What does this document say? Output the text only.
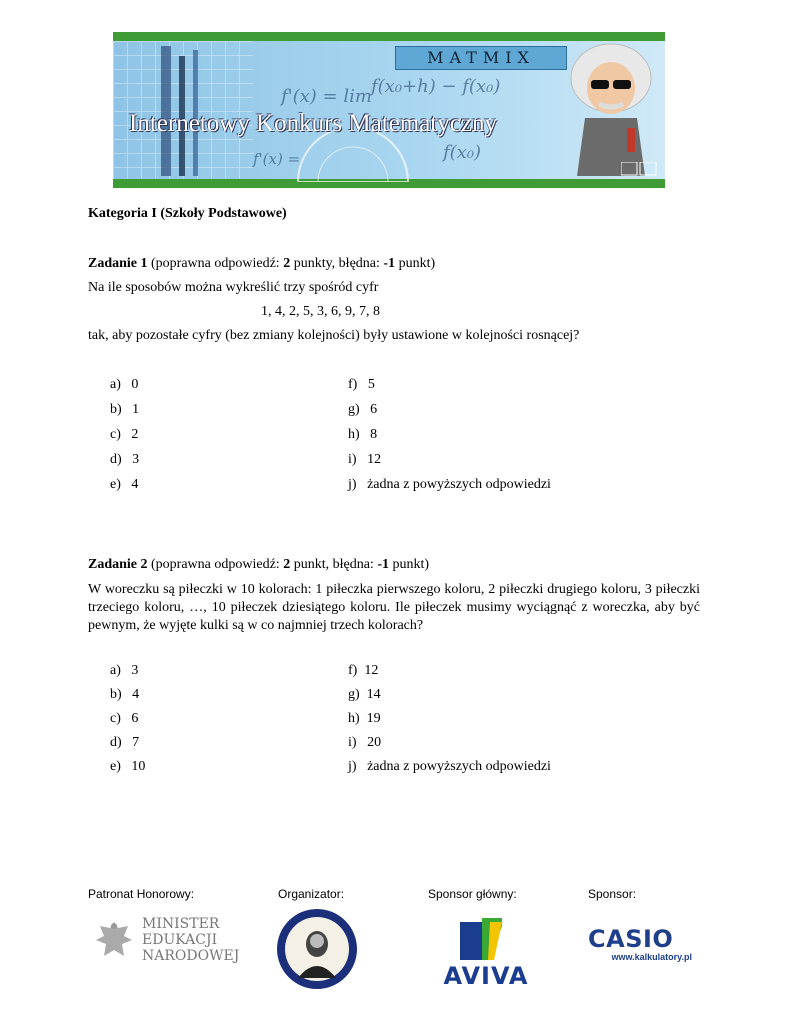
f'(x) = lim f(x₀+h) − f(x₀)
f'(x) =	f(x₀)
MATMIX
Internetowy Konkurs Matematyczny
Kategoria I (Szkoły Podstawowe)
Zadanie 1 (poprawna odpowiedź: 2 punkty, błędna: -1 punkt)
Na ile sposobów można wykreślić trzy spośród cyfr
1, 4, 2, 5, 3, 6, 9, 7, 8
tak, aby pozostałe cyfry (bez zmiany kolejności) były ustawione w kolejności rosnącej?
a) 0
b) 1
c) 2
d) 3
e) 4
f) 5
g) 6
h) 8
i) 12
j) żadna z powyższych odpowiedzi
Zadanie 2 (poprawna odpowiedź: 2 punkt, błędna: -1 punkt)
W woreczku są piłeczki w 10 kolorach: 1 piłeczka pierwszego koloru, 2 piłeczki drugiego koloru, 3 piłeczki trzeciego koloru, …, 10 piłeczek dziesiątego koloru. Ile piłeczek musimy wyciągnąć z woreczka, aby być pewnym, że wyjęte kulki są w co najmniej trzech kolorach?
a) 3
b) 4
c) 6
d) 7
e) 10
f) 12
g) 14
h) 19
i) 20
j) żadna z powyższych odpowiedzi
Patronat Honorowy:	Organizator:	Sponsor główny:	Sponsor:
MINISTER
EDUKACJI
NARODOWEJ
AVIVA
CASIO
www.kalkulatory.pl
